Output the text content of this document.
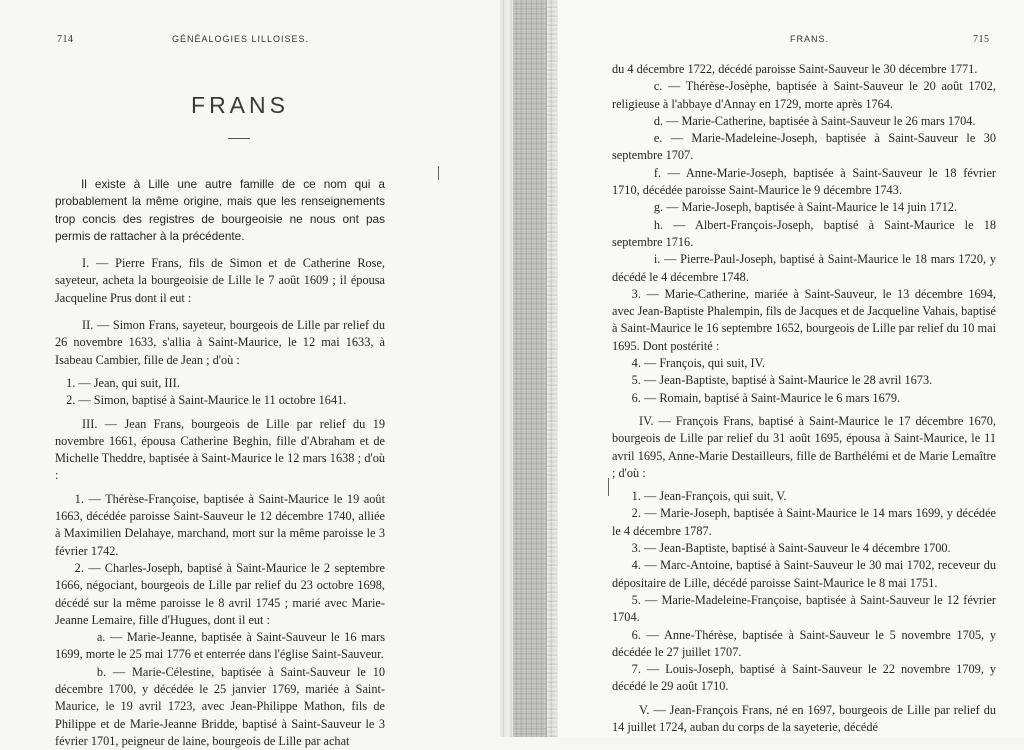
714	GÉNÉALOGIES LILLOISES.
FRANS

Il existe à Lille une autre famille de ce nom qui a probablement la même origine, mais que les renseignements trop concis des registres de bourgeoisie ne nous ont pas permis de rattacher à la précédente.

I. — Pierre Frans, fils de Simon et de Catherine Rose, sayeteur, acheta la bourgeoisie de Lille le 7 août 1609 ; il épousa Jacqueline Prus dont il eut :

II. — Simon Frans, sayeteur, bourgeois de Lille par relief du 26 novembre 1633, s'allia à Saint-Maurice, le 12 mai 1633, à Isabeau Cambier, fille de Jean ; d'où :

1. — Jean, qui suit, III.

2. — Simon, baptisé à Saint-Maurice le 11 octobre 1641.

III. — Jean Frans, bourgeois de Lille par relief du 19 novembre 1661, épousa Catherine Beghin, fille d'Abraham et de Michelle Theddre, baptisée à Saint-Maurice le 12 mars 1638 ; d'où :

1. — Thérèse-Françoise, baptisée à Saint-Maurice le 19 août 1663, décédée paroisse Saint-Sauveur le 12 décembre 1740, alliée à Maximilien Delahaye, marchand, mort sur la même paroisse le 3 février 1742.

2. — Charles-Joseph, baptisé à Saint-Maurice le 2 septembre 1666, négociant, bourgeois de Lille par relief du 23 octobre 1698, décédé sur la même paroisse le 8 avril 1745 ; marié avec Marie-Jeanne Lemaire, fille d'Hugues, dont il eut :

a. — Marie-Jeanne, baptisée à Saint-Sauveur le 16 mars 1699, morte le 25 mai 1776 et enterrée dans l'église Saint-Sauveur.

b. — Marie-Célestine, baptisée à Saint-Sauveur le 10 décembre 1700, y décédée le 25 janvier 1769, mariée à Saint-Maurice, le 19 avril 1723, avec Jean-Philippe Mathon, fils de Philippe et de Marie-Jeanne Bridde, baptisé à Saint-Sauveur le 3 février 1701, peigneur de laine, bourgeois de Lille par achat

FRANS.	715

du 4 décembre 1722, décédé paroisse Saint-Sauveur le 30 décembre 1771.

c. — Thérèse-Josèphe, baptisée à Saint-Sauveur le 20 août 1702, religieuse à l'abbaye d'Annay en 1729, morte après 1764.

d. — Marie-Catherine, baptisée à Saint-Sauveur le 26 mars 1704.

e. — Marie-Madeleine-Joseph, baptisée à Saint-Sauveur le 30 septembre 1707.

f. — Anne-Marie-Joseph, baptisée à Saint-Sauveur le 18 février 1710, décédée paroisse Saint-Maurice le 9 décembre 1743.

g. — Marie-Joseph, baptisée à Saint-Maurice le 14 juin 1712.

h. — Albert-François-Joseph, baptisé à Saint-Maurice le 18 septembre 1716.

i. — Pierre-Paul-Joseph, baptisé à Saint-Maurice le 18 mars 1720, y décédé le 4 décembre 1748.

3. — Marie-Catherine, mariée à Saint-Sauveur, le 13 décembre 1694, avec Jean-Baptiste Phalempin, fils de Jacques et de Jacqueline Vahais, baptisé à Saint-Maurice le 16 septembre 1652, bourgeois de Lille par relief du 10 mai 1695. Dont postérité :

4. — François, qui suit, IV.

5. — Jean-Baptiste, baptisé à Saint-Maurice le 28 avril 1673.

6. — Romain, baptisé à Saint-Maurice le 6 mars 1679.

IV. — François Frans, baptisé à Saint-Maurice le 17 décembre 1670, bourgeois de Lille par relief du 31 août 1695, épousa à Saint-Maurice, le 11 avril 1695, Anne-Marie Destailleurs, fille de Barthélémi et de Marie Lemaître ; d'où :

1. — Jean-François, qui suit, V.

2. — Marie-Joseph, baptisée à Saint-Maurice le 14 mars 1699, y décédée le 4 décembre 1787.

3. — Jean-Baptiste, baptisé à Saint-Sauveur le 4 décembre 1700.

4. — Marc-Antoine, baptisé à Saint-Sauveur le 30 mai 1702, receveur du dépositaire de Lille, décédé paroisse Saint-Maurice le 8 mai 1751.

5. — Marie-Madeleine-Françoise, baptisée à Saint-Sauveur le 12 février 1704.

6. — Anne-Thérèse, baptisée à Saint-Sauveur le 5 novembre 1705, y décédée le 27 juillet 1707.

7. — Louis-Joseph, baptisé à Saint-Sauveur le 22 novembre 1709, y décédé le 29 août 1710.

V. — Jean-François Frans, né en 1697, bourgeois de Lille par relief du 14 juillet 1724, auban du corps de la sayeterie, décédé
